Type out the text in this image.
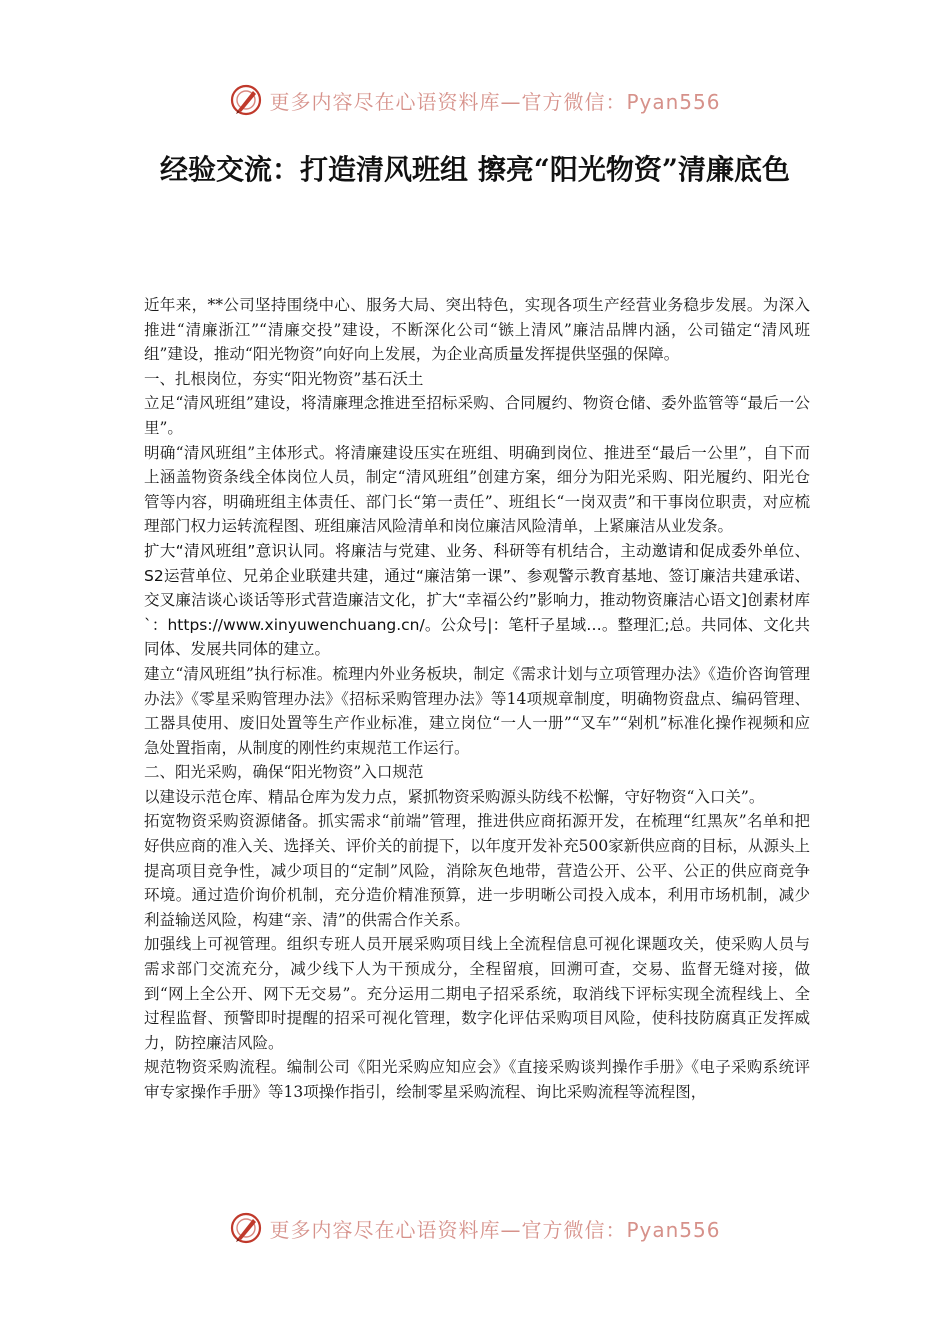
更多内容尽在心语资料库—官方微信：Pyan556
经验交流：打造清风班组 擦亮“阳光物资”清廉底色

近年来，**公司坚持围绕中心、服务大局、突出特色，实现各项生产经营业务稳步发展。为深入推进“清廉浙江”“清廉交投”建设，不断深化公司“镞上清风”廉洁品牌内涵，公司锚定“清风班组”建设，推动“阳光物资”向好向上发展，为企业高质量发挥提供坚强的保障。

一、扎根岗位，夯实“阳光物资”基石沃土

立足“清风班组”建设，将清廉理念推进至招标采购、合同履约、物资仓储、委外监管等“最后一公里”。

明确“清风班组”主体形式。将清廉建设压实在班组、明确到岗位、推进至“最后一公里”，自下而上涵盖物资条线全体岗位人员，制定“清风班组”创建方案，细分为阳光采购、阳光履约、阳光仓管等内容，明确班组主体责任、部门长“第一责任”、班组长“一岗双责”和干事岗位职责，对应梳理部门权力运转流程图、班组廉洁风险清单和岗位廉洁风险清单，上紧廉洁从业发条。

扩大“清风班组”意识认同。将廉洁与党建、业务、科研等有机结合，主动邀请和促成委外单位、S2运营单位、兄弟企业联建共建，通过“廉洁第一课”、参观警示教育基地、签订廉洁共建承诺、交叉廉洁谈心谈话等形式营造廉洁文化，扩大“幸福公约”影响力，推动物资廉洁心语文]创素材库`：https://www.xinyuwenchuang.cn/。公众号|：笔杆子星域…。整理汇;总。共同体、文化共同体、发展共同体的建立。

建立“清风班组”执行标准。梳理内外业务板块，制定《需求计划与立项管理办法》《造价咨询管理办法》《零星采购管理办法》《招标采购管理办法》等14项规章制度，明确物资盘点、编码管理、工器具使用、废旧处置等生产作业标准，建立岗位“一人一册”“叉车”“剁机”标准化操作视频和应急处置指南，从制度的刚性约束规范工作运行。

二、阳光采购，确保“阳光物资”入口规范

以建设示范仓库、精品仓库为发力点，紧抓物资采购源头防线不松懈，守好物资“入口关”。

拓宽物资采购资源储备。抓实需求“前端”管理，推进供应商拓源开发，在梳理“红黑灰”名单和把好供应商的准入关、选择关、评价关的前提下，以年度开发补充500家新供应商的目标，从源头上提高项目竞争性，减少项目的“定制”风险，消除灰色地带，营造公开、公平、公正的供应商竞争环境。通过造价询价机制，充分造价精准预算，进一步明晰公司投入成本，利用市场机制，减少利益输送风险，构建“亲、清”的供需合作关系。

加强线上可视管理。组织专班人员开展采购项目线上全流程信息可视化课题攻关，使采购人员与需求部门交流充分，减少线下人为干预成分，全程留痕，回溯可查，交易、监督无缝对接，做到“网上全公开、网下无交易”。充分运用二期电子招采系统，取消线下评标实现全流程线上、全过程监督、预警即时提醒的招采可视化管理，数字化评估采购项目风险，使科技防腐真正发挥威力，防控廉洁风险。

规范物资采购流程。编制公司《阳光采购应知应会》《直接采购谈判操作手册》《电子采购系统评审专家操作手册》等13项操作指引，绘制零星采购流程、询比采购流程等流程图，

更多内容尽在心语资料库—官方微信：Pyan556
